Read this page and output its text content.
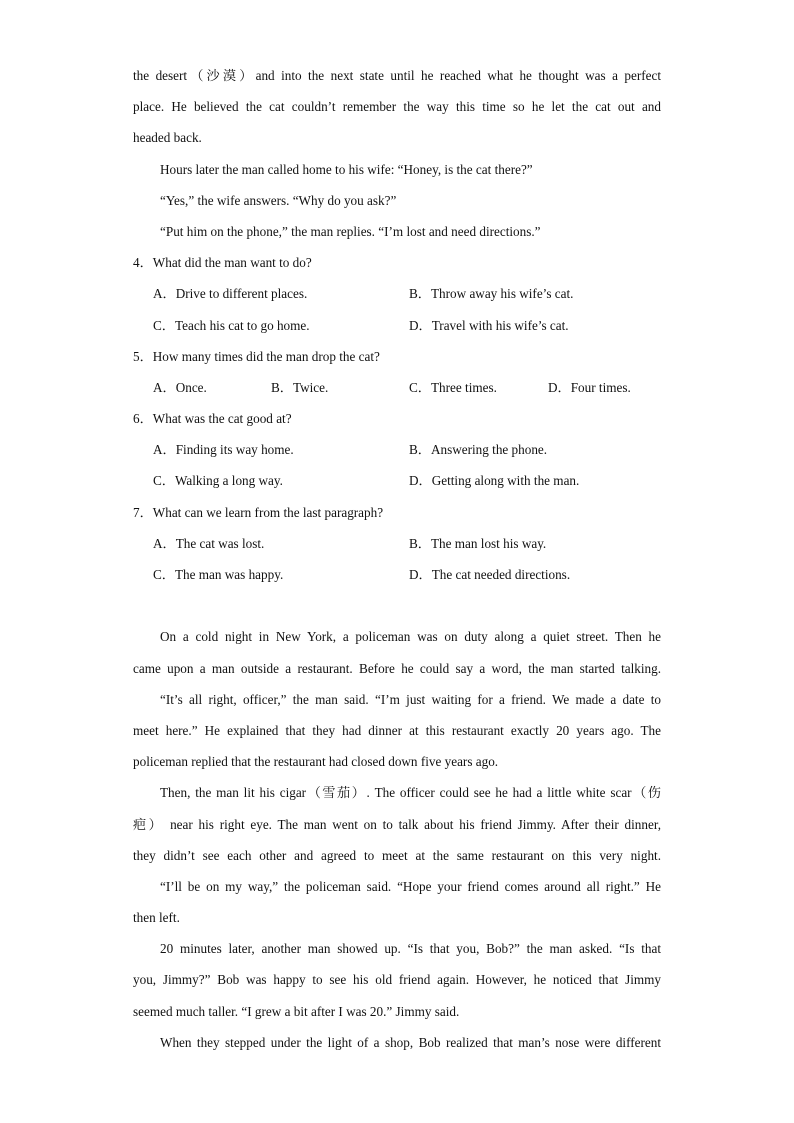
the desert（沙漠）and into the next state until he reached what he thought was a perfect
place. He believed the cat couldn’t remember the way this time so he let the cat out and
headed back.
Hours later the man called home to his wife: “Honey, is the cat there?”
“Yes,” the wife answers. “Why do you ask?”
“Put him on the phone,” the man replies. “I’m lost and need directions.”
4．What did the man want to do?
A．Drive to different places.	B．Throw away his wife’s cat.
C．Teach his cat to go home.	D．Travel with his wife’s cat.
5．How many times did the man drop the cat?
A．Once.	B．Twice.	C．Three times.	D．Four times.
6．What was the cat good at?
A．Finding its way home.	B．Answering the phone.
C．Walking a long way.	D．Getting along with the man.
7．What can we learn from the last paragraph?
A．The cat was lost.	B．The man lost his way.
C．The man was happy.	D．The cat needed directions.
On a cold night in New York, a policeman was on duty along a quiet street. Then he
came upon a man outside a restaurant. Before he could say a word, the man started talking.
“It’s all right, officer,” the man said. “I’m just waiting for a friend. We made a date to
meet here.” He explained that they had dinner at this restaurant exactly 20 years ago. The
policeman replied that the restaurant had closed down five years ago.
Then, the man lit his cigar（雪茄）. The officer could see he had a little white scar（伤
疤） near his right eye. The man went on to talk about his friend Jimmy. After their dinner,
they didn’t see each other and agreed to meet at the same restaurant on this very night.
“I’ll be on my way,” the policeman said. “Hope your friend comes around all right.” He
then left.
20 minutes later, another man showed up. “Is that you, Bob?” the man asked. “Is that
you, Jimmy?” Bob was happy to see his old friend again. However, he noticed that Jimmy
seemed much taller. “I grew a bit after I was 20.” Jimmy said.
When they stepped under the light of a shop, Bob realized that man’s nose were different
